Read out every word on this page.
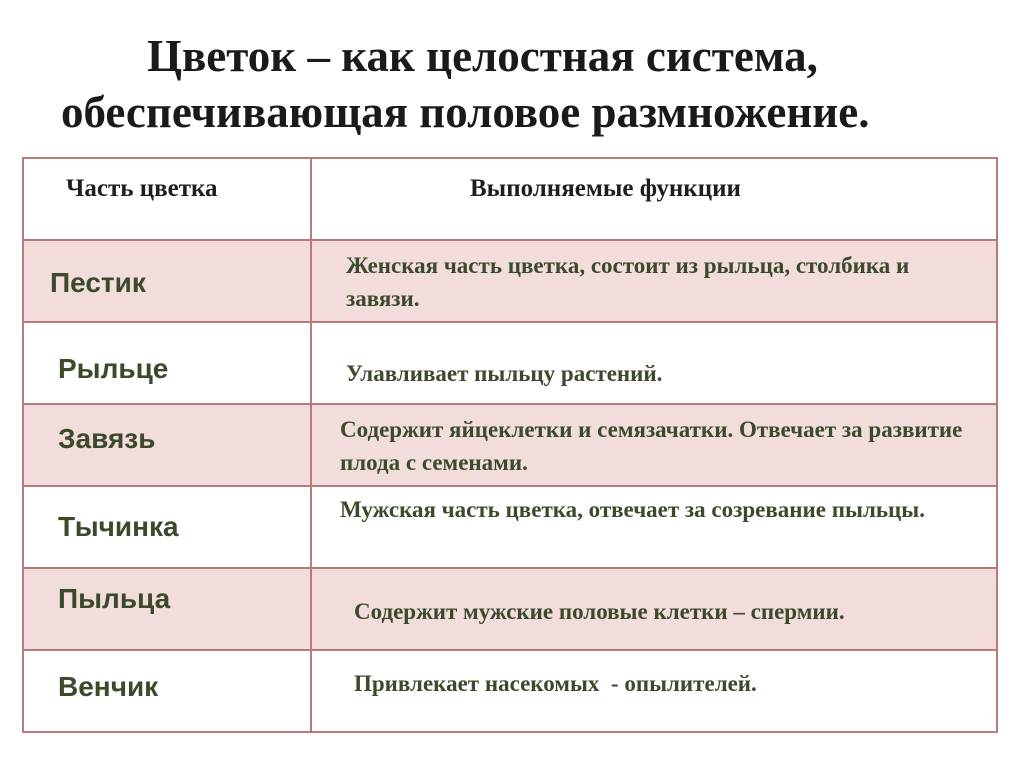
Цветок – как целостная система,
обеспечивающая половое размножение.
Часть цветка	Выполняемые функции

Пестик	Женская часть цветка, состоит из рыльца, столбика и завязи.

Рыльце	Улавливает пыльцу растений.

Завязь	Содержит яйцеклетки и семязачатки. Отвечает за развитие плода с семенами.

Тычинка	Мужская часть цветка, отвечает за созревание пыльцы.

Пыльца	Содержит мужские половые клетки – спермии.

Венчик	Привлекает насекомых  - опылителей.
